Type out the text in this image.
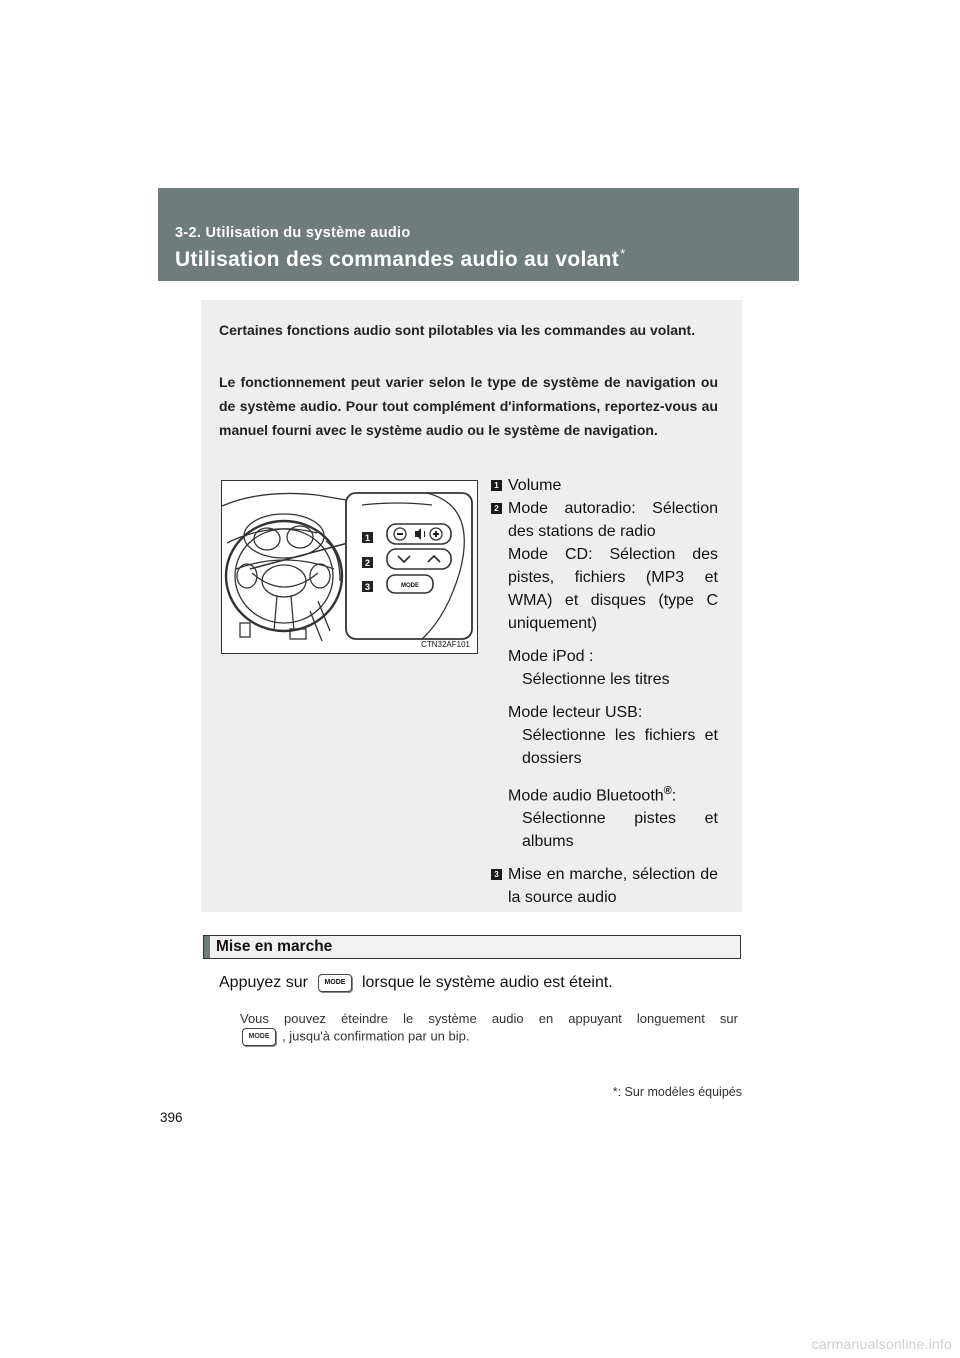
3-2. Utilisation du système audio
Utilisation des commandes audio au volant*

Certaines fonctions audio sont pilotables via les commandes au volant.

Le fonctionnement peut varier selon le type de système de navigation ou de système audio. Pour tout complément d'informations, reportez-vous au manuel fourni avec le système audio ou le système de navigation.

1
2
3	MODE
CTN32AF101
1 Volume

2 Mode autoradio: Sélection des stations de radio

Mode CD: Sélection des pistes, fichiers (MP3 et WMA) et disques (type C uniquement)

Mode iPod :

Sélectionne les titres

Mode lecteur USB:

Sélectionne les fichiers et dossiers

Mode audio Bluetooth®:

Sélectionne pistes et albums

3 Mise en marche, sélection de la source audio

Mise en marche
Appuyez sur MODE lorsque le système audio est éteint.

Vous pouvez éteindre le système audio en appuyant longuement sur

MODE , jusqu'à confirmation par un bip.

*: Sur modèles équipés
396
carmanualsonline.info
